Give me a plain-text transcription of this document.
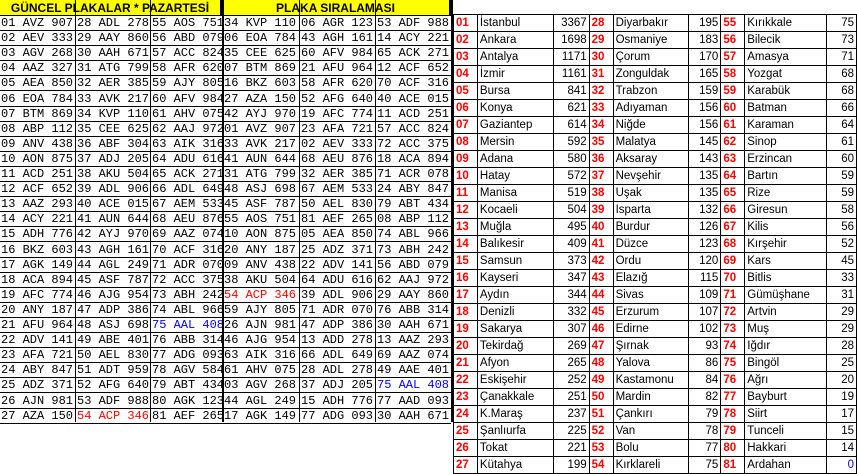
GÜNCEL PLAKALAR * PAZARTESİ	PLAKA SIRALAMASI
01 AVZ 907 28 ADL 278 55 AOS 751 34 KVP 110 06 AGR 123 53 ADF 988
02 AEV 333 29 AAY 860 56 ABD 079 06 EOA 784 43 AGH 161 14 ACY 221
03 AGV 268 30 AAH 671 57 ACC 824 35 CEE 625 60 AFV 984 65 ACK 271
04 AAZ 327 31 ATG 799 58 AFR 620 07 BTM 869 21 AFU 964 12 ACF 652
05 AEA 850 32 AER 385 59 AJY 805 16 BKZ 603 58 AFR 620 70 ACF 316
06 EOA 784 33 AVK 217 60 AFV 984 27 AZA 150 52 AFG 640 40 ACE 015
07 BTM 869 34 KVP 110 61 AHV 075 42 AYJ 970 19 AFC 774 11 ACD 251
08 ABP 112 35 CEE 625 62 AAJ 972 01 AVZ 907 23 AFA 721 57 ACC 824
09 ANV 438 36 ABF 304 63 AIK 316 33 AVK 217 02 AEV 333 72 ACC 375
10 AON 875 37 ADJ 205 64 ADU 616 41 AUN 644 68 AEU 876 18 ACA 894
11 ACD 251 38 AKU 504 65 ACK 271 31 ATG 799 32 AER 385 71 ACR 078
12 ACF 652 39 ADL 906 66 ADL 649 48 ASJ 698 67 AEM 533 24 ABY 847
13 AAZ 293 40 ACE 015 67 AEM 533 45 ASF 787 50 AEL 830 79 ABT 434
14 ACY 221 41 AUN 644 68 AEU 876 55 AOS 751 81 AEF 265 08 ABP 112
15 ADH 776 42 AYJ 970 69 AAZ 074 10 AON 875 05 AEA 850 74 ABL 966
16 BKZ 603 43 AGH 161 70 ACF 316 20 ANY 187 25 ADZ 371 73 ABH 242
17 AGK 149 44 AGL 249 71 ADR 070 09 ANV 438 22 ADV 141 56 ABD 079
18 ACA 894 45 ASF 787 72 ACC 375 38 AKU 504 64 ADU 616 62 AAJ 972
19 AFC 774 46 AJG 954 73 ABH 242 54 ACP 346 39 ADL 906 29 AAY 860
20 ANY 187 47 ADP 386 74 ABL 966 59 AJY 805 71 ADR 070 76 ABB 314
21 AFU 964 48 ASJ 698 75 AAL 408 26 AJN 981 47 ADP 386 30 AAH 671
22 ADV 141 49 ABE 401 76 ABB 314 46 AJG 954 13 ADD 278 13 AAZ 293
23 AFA 721 50 AEL 830 77 ADG 093 63 AIK 316 66 ADL 649 69 AAZ 074
24 ABY 847 51 ADT 959 78 AGV 584 61 AHV 075 28 ADL 278 49 AAE 401
25 ADZ 371 52 AFG 640 79 ABT 434 03 AGV 268 37 ADJ 205 75 AAL 408
26 AJN 981 53 ADF 988 80 AGK 123 44 AGL 249 15 ADH 776 77 AAD 093
27 AZA 150 54 ACP 346 81 AEF 265 17 AGK 149 77 ADG 093 30 AAH 671
01	İstanbul	3367	28	Diyarbakır	195	55	Kırıkkale	75
02	Ankara	1698	29	Osmaniye	183	56	Bilecik	73
03	Antalya	1171	30	Çorum	170	57	Amasya	71
04	İzmir	1161	31	Zonguldak	165	58	Yozgat	68
05	Bursa	841	32	Trabzon	159	59	Karabük	68
06	Konya	621	33	Adıyaman	156	60	Batman	66
07	Gaziantep	614	34	Niğde	156	61	Karaman	64
08	Mersin	592	35	Malatya	145	62	Sinop	61
09	Adana	580	36	Aksaray	143	63	Erzincan	60
10	Hatay	572	37	Nevşehir	135	64	Bartın	59
11	Manisa	519	38	Uşak	135	65	Rize	59
12	Kocaeli	504	39	Isparta	132	66	Giresun	58
13	Muğla	495	40	Burdur	126	67	Kilis	56
14	Balıkesir	409	41	Düzce	123	68	Kırşehir	52
15	Samsun	373	42	Ordu	120	69	Kars	45
16	Kayseri	347	43	Elazığ	115	70	Bitlis	33
17	Aydın	344	44	Sivas	109	71	Gümüşhane	31
18	Denizli	332	45	Erzurum	107	72	Artvin	29
19	Sakarya	307	46	Edirne	102	73	Muş	29
20	Tekirdağ	269	47	Şırnak	93	74	Iğdır	28
21	Afyon	265	48	Yalova	86	75	Bingöl	25
22	Eskişehir	252	49	Kastamonu	84	76	Ağrı	20
23	Çanakkale	251	50	Mardin	82	77	Bayburt	19
24	K.Maraş	237	51	Çankırı	79	78	Siirt	17
25	Şanlıurfa	225	52	Van	78	79	Tunceli	15
26	Tokat	221	53	Bolu	77	80	Hakkari	14
27	Kütahya	199	54	Kırklareli	75	81	Ardahan	0
